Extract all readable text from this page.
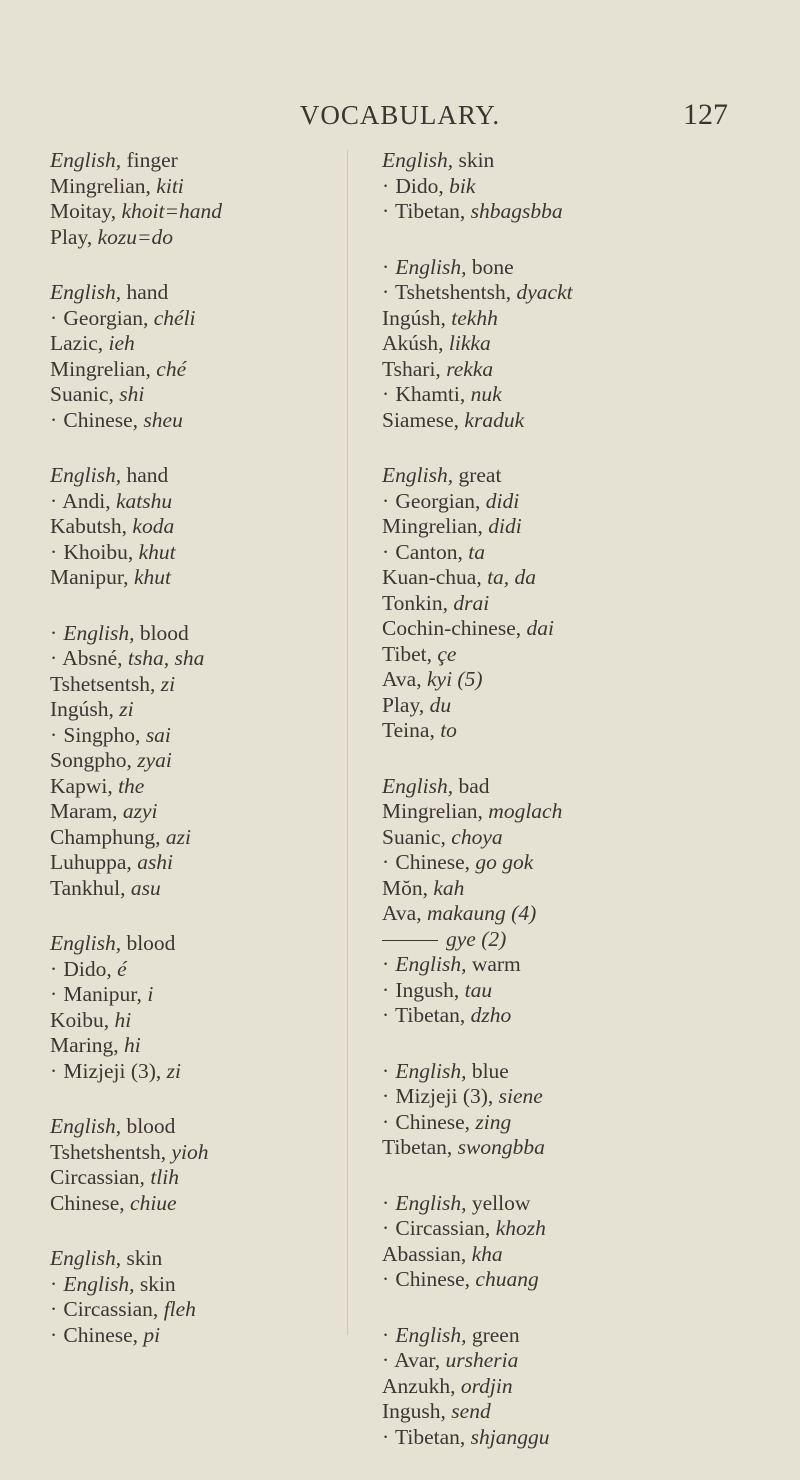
VOCABULARY.	127
English, finger
Mingrelian, kiti
Moitay, khoit=hand
Play, kozu=do
English, hand
· Georgian, chéli
Lazic, ieh
Mingrelian, ché
Suanic, shi
· Chinese, sheu
English, hand
· Andi, katshu
Kabutsh, koda
· Khoibu, khut
Manipur, khut
· English, blood
· Absné, tsha, sha
Tshetsentsh, zi
Ingúsh, zi
· Singpho, sai
Songpho, zyai
Kapwi, the
Maram, azyi
Champhung, azi
Luhuppa, ashi
Tankhul, asu
English, blood
· Dido, é
· Manipur, i
Koibu, hi
Maring, hi
· Mizjeji (3), zi
English, blood
Tshetshentsh, yioh
Circassian, tlih
Chinese, chiue
English, skin
· English, skin
· Circassian, fleh
· Chinese, pi
English, skin
· Dido, bik
· Tibetan, shbagsbba
· English, bone
· Tshetshentsh, dyackt
Ingúsh, tekhh
Akúsh, likka
Tshari, rekka
· Khamti, nuk
Siamese, kraduk
English, great
· Georgian, didi
Mingrelian, didi
· Canton, ta
Kuan-chua, ta, da
Tonkin, drai
Cochin-chinese, dai
Tibet, çe
Ava, kyi (5)
Play, du
Teina, to
English, bad
Mingrelian, moglach
Suanic, choya
· Chinese, go gok
Mŏn, kah
Ava, makaung (4)
gye (2)
· English, warm
· Ingush, tau
· Tibetan, dzho
· English, blue
· Mizjeji (3), siene
· Chinese, zing
Tibetan, swongbba
· English, yellow
· Circassian, khozh
Abassian, kha
· Chinese, chuang
· English, green
· Avar, ursheria
Anzukh, ordjin
Ingush, send
· Tibetan, shjanggu
